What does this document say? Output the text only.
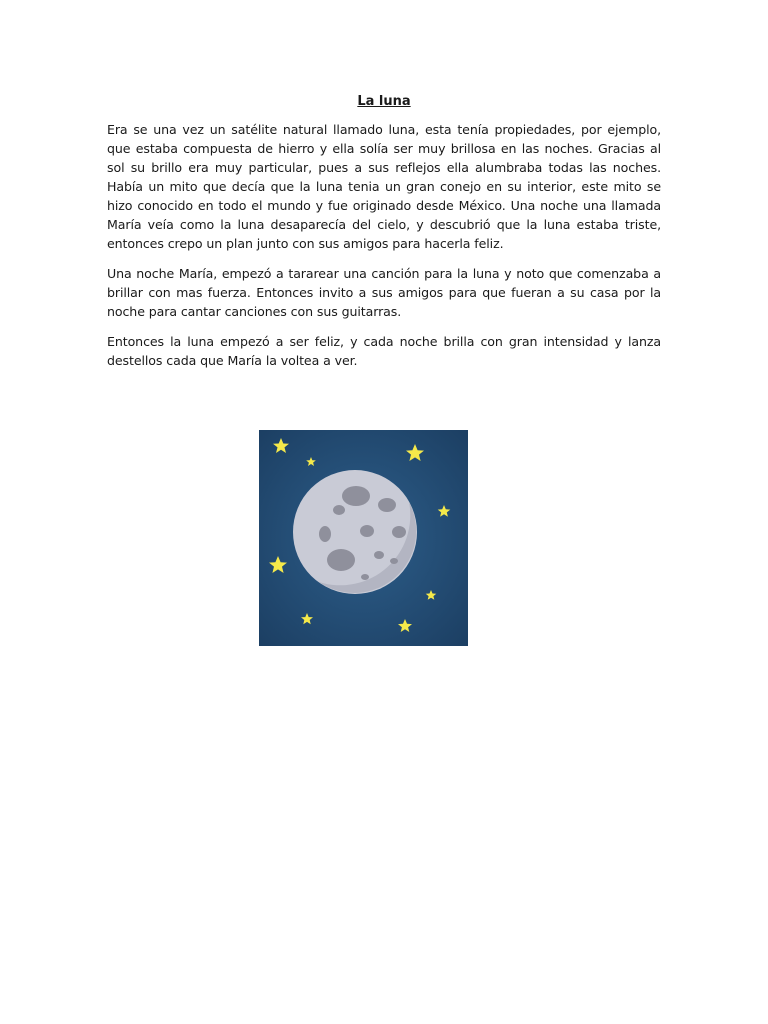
La luna

Era se una vez un satélite natural llamado luna, esta tenía propiedades, por ejemplo, que estaba compuesta de hierro y ella solía ser muy brillosa en las noches. Gracias al sol su brillo era muy particular, pues a sus reflejos ella alumbraba todas las noches. Había un mito que decía que la luna tenia un gran conejo en su interior, este mito se hizo conocido en todo el mundo y fue originado desde México. Una noche una llamada María veía como la luna desaparecía del cielo, y descubrió que la luna estaba triste, entonces crepo un plan junto con sus amigos para hacerla feliz.

Una noche María, empezó a tararear una canción para la luna y noto que comenzaba a brillar con mas fuerza. Entonces invito a sus amigos para que fueran a su casa por la noche para cantar canciones con sus guitarras.

Entonces la luna empezó a ser feliz, y cada noche brilla con gran intensidad y lanza destellos cada que María la voltea a ver.
